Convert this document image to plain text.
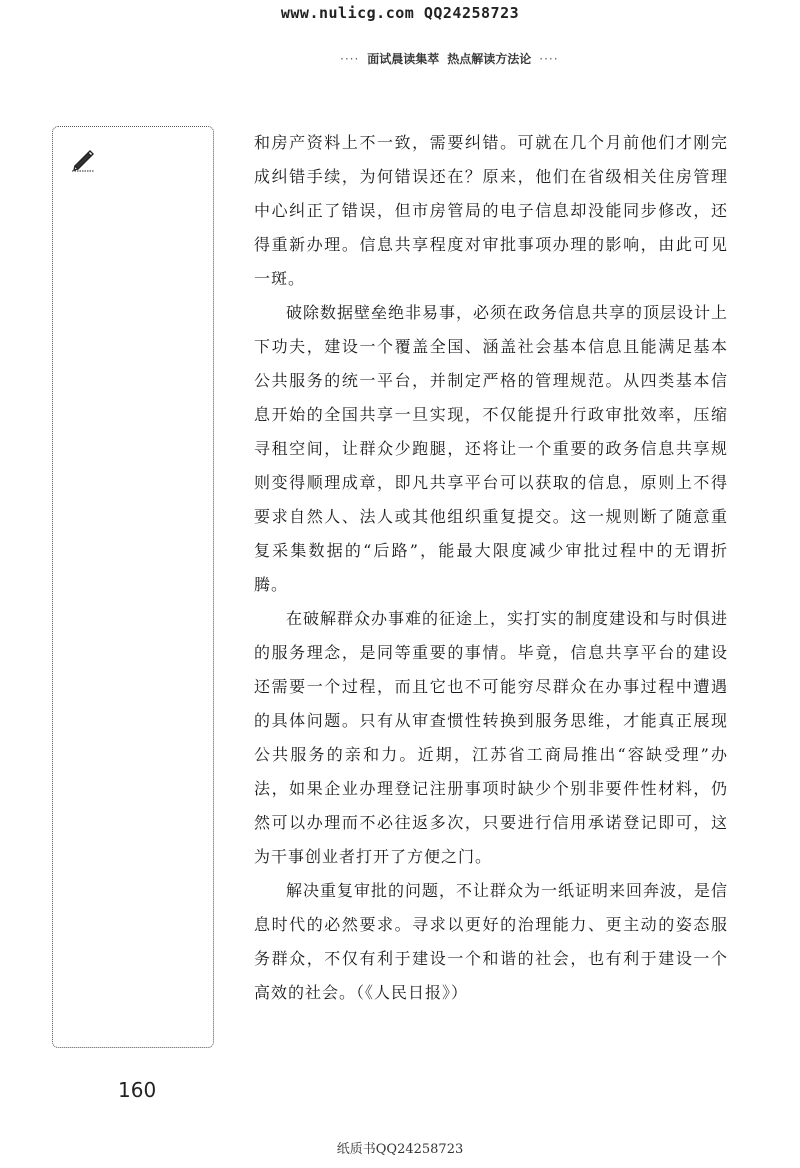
www.nulicg.com QQ24258723
···· 面试晨读集萃 热点解读方法论 ····

和房产资料上不一致，需要纠错。可就在几个月前他们才刚完成纠错手续，为何错误还在？原来，他们在省级相关住房管理中心纠正了错误，但市房管局的电子信息却没能同步修改，还得重新办理。信息共享程度对审批事项办理的影响，由此可见一斑。

破除数据壁垒绝非易事，必须在政务信息共享的顶层设计上下功夫，建设一个覆盖全国、涵盖社会基本信息且能满足基本公共服务的统一平台，并制定严格的管理规范。从四类基本信息开始的全国共享一旦实现，不仅能提升行政审批效率，压缩寻租空间，让群众少跑腿，还将让一个重要的政务信息共享规则变得顺理成章，即凡共享平台可以获取的信息，原则上不得要求自然人、法人或其他组织重复提交。这一规则断了随意重复采集数据的“后路”，能最大限度减少审批过程中的无谓折腾。

在破解群众办事难的征途上，实打实的制度建设和与时俱进的服务理念，是同等重要的事情。毕竟，信息共享平台的建设还需要一个过程，而且它也不可能穷尽群众在办事过程中遭遇的具体问题。只有从审查惯性转换到服务思维，才能真正展现公共服务的亲和力。近期，江苏省工商局推出“容缺受理”办法，如果企业办理登记注册事项时缺少个别非要件性材料，仍然可以办理而不必往返多次，只要进行信用承诺登记即可，这为干事创业者打开了方便之门。

解决重复审批的问题，不让群众为一纸证明来回奔波，是信息时代的必然要求。寻求以更好的治理能力、更主动的姿态服务群众，不仅有利于建设一个和谐的社会，也有利于建设一个高效的社会。（《人民日报》）

160
纸质书QQ24258723
